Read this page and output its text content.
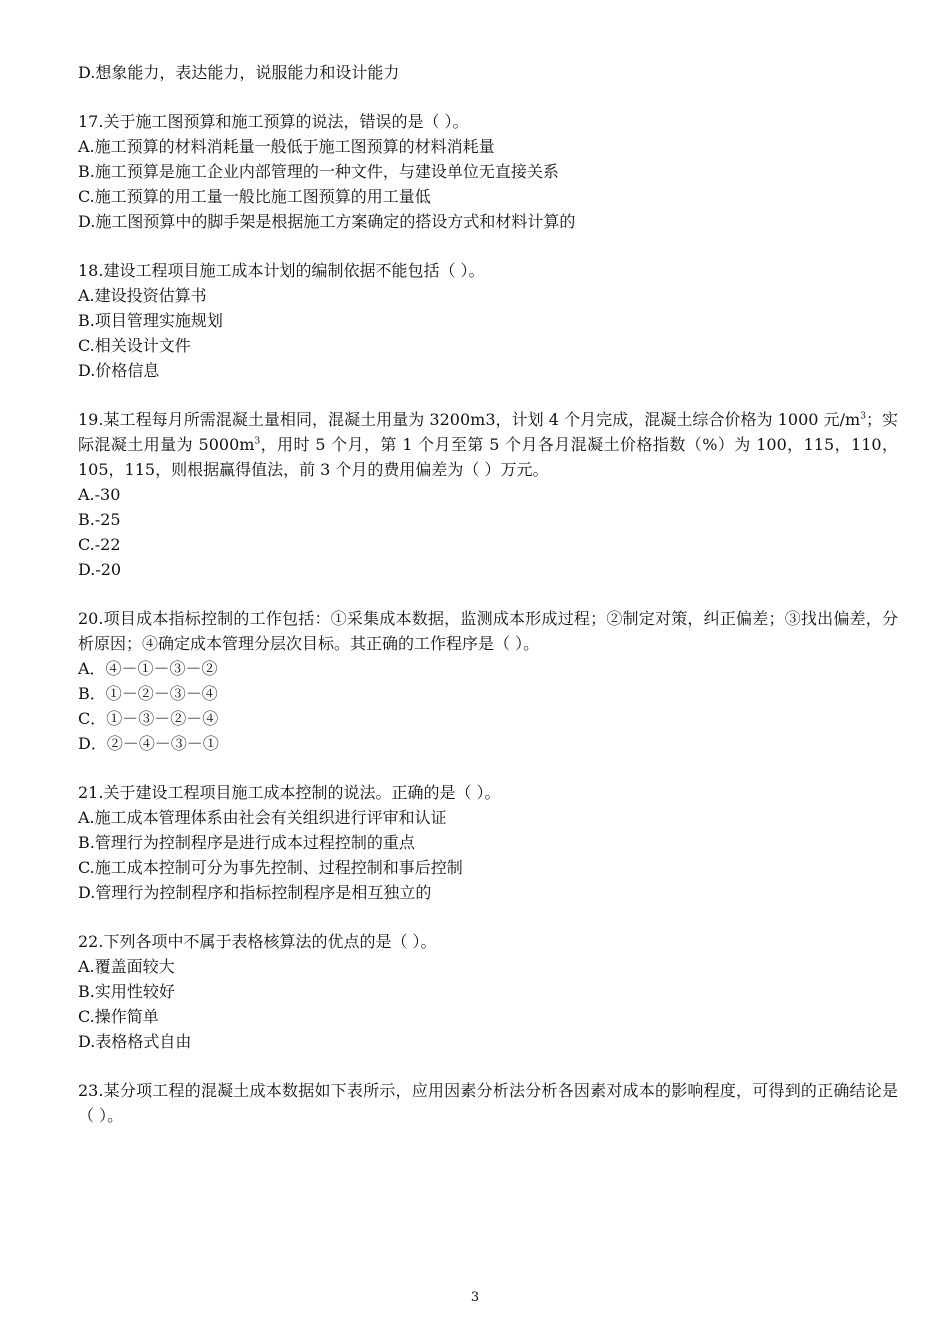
D.想象能力，表达能力，说服能力和设计能力
17.关于施工图预算和施工预算的说法，错误的是（ ）。
A.施工预算的材料消耗量一般低于施工图预算的材料消耗量
B.施工预算是施工企业内部管理的一种文件，与建设单位无直接关系
C.施工预算的用工量一般比施工图预算的用工量低
D.施工图预算中的脚手架是根据施工方案确定的搭设方式和材料计算的
18.建设工程项目施工成本计划的编制依据不能包括（ ）。
A.建设投资估算书
B.项目管理实施规划
C.相关设计文件
D.价格信息
19.某工程每月所需混凝土量相同，混凝土用量为 3200m3，计划 4 个月完成，混凝土综合价格为 1000 元$/m^3$；实际混凝土用量为 $5000m^3$，用时 5 个月，第 1 个月至第 5 个月各月混凝土价格指数（%）为 100，115，110，105，115，则根据赢得值法，前 3 个月的费用偏差为（ ）万元。
A.-30
B.-25
C.-22
D.-20
20.项目成本指标控制的工作包括：①采集成本数据，监测成本形成过程；②制定对策，纠正偏差；③找出偏差，分析原因；④确定成本管理分层次目标。其正确的工作程序是（ ）。
A．④－①－③－②
B．①－②－③－④
C．①－③－②－④
D．②－④－③－①
21.关于建设工程项目施工成本控制的说法。正确的是（ ）。
A.施工成本管理体系由社会有关组织进行评审和认证
B.管理行为控制程序是进行成本过程控制的重点
C.施工成本控制可分为事先控制、过程控制和事后控制
D.管理行为控制程序和指标控制程序是相互独立的
22.下列各项中不属于表格核算法的优点的是（ ）。
A.覆盖面较大
B.实用性较好
C.操作简单
D.表格格式自由
23.某分项工程的混凝土成本数据如下表所示，应用因素分析法分析各因素对成本的影响程度，可得到的正确结论是（ ）。
3
